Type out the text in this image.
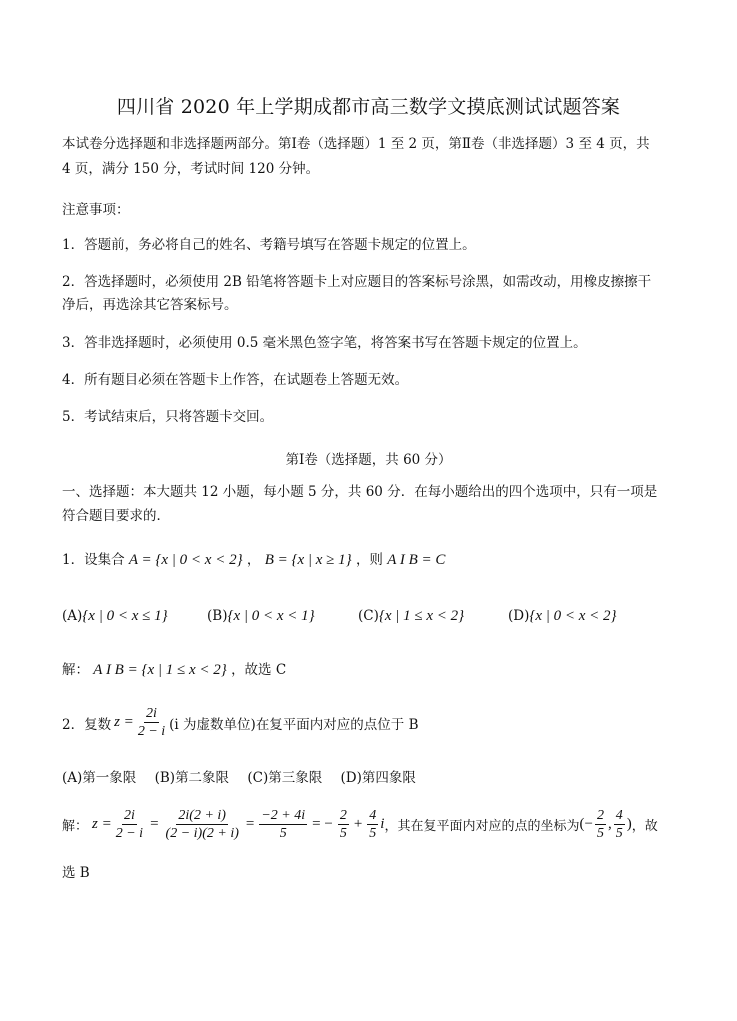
四川省 2020 年上学期成都市高三数学文摸底测试试题答案
本试卷分选择题和非选择题两部分。第Ⅰ卷（选择题）1 至 2 页，第Ⅱ卷（非选择题）3 至 4 页，共
4 页，满分 150 分，考试时间 120 分钟。
注意事项：
1．答题前，务必将自己的姓名、考籍号填写在答题卡规定的位置上。
2．答选择题时，必须使用 2B 铅笔将答题卡上对应题目的答案标号涂黑，如需改动，用橡皮擦擦干
净后，再选涂其它答案标号。
3．答非选择题时，必须使用 0.5 毫米黑色签字笔，将答案书写在答题卡规定的位置上。
4．所有题目必须在答题卡上作答，在试题卷上答题无效。
5．考试结束后，只将答题卡交回。
第Ⅰ卷（选择题，共 60 分）
一、选择题：本大题共 12 小题，每小题 5 分，共 60 分．在每小题给出的四个选项中，只有一项是
符合题目要求的．
1．设集合 A = {x | 0 < x < 2} ， B = {x | x ≥ 1} ，则 A I B = C
(A){x | 0 < x ≤ 1}	(B){x | 0 < x < 1}	(C){x | 1 ≤ x < 2}	(D){x | 0 < x < 2}
解： A I B = {x | 1 ≤ x < 2} ，故选 C
2．复数 $z = \frac{2i}{2 - i} (i$ 为虚数单位) 在复平面内对应的点位于 B
(A)第一象限 (B)第二象限 (C)第三象限 (D)第四象限
解： $z = \frac{2i}{2 - i} = \frac{2i(2 + i)}{(2 - i)(2 + i)} = \frac{-2 + 4i}{5}$ = − $\frac{2}{5} + \frac{4}{5}$ i ，其在复平面内对应的点的坐标为 (− $\frac{2}{5}$ , $\frac{4}{5}$ ) ，故
选 B
